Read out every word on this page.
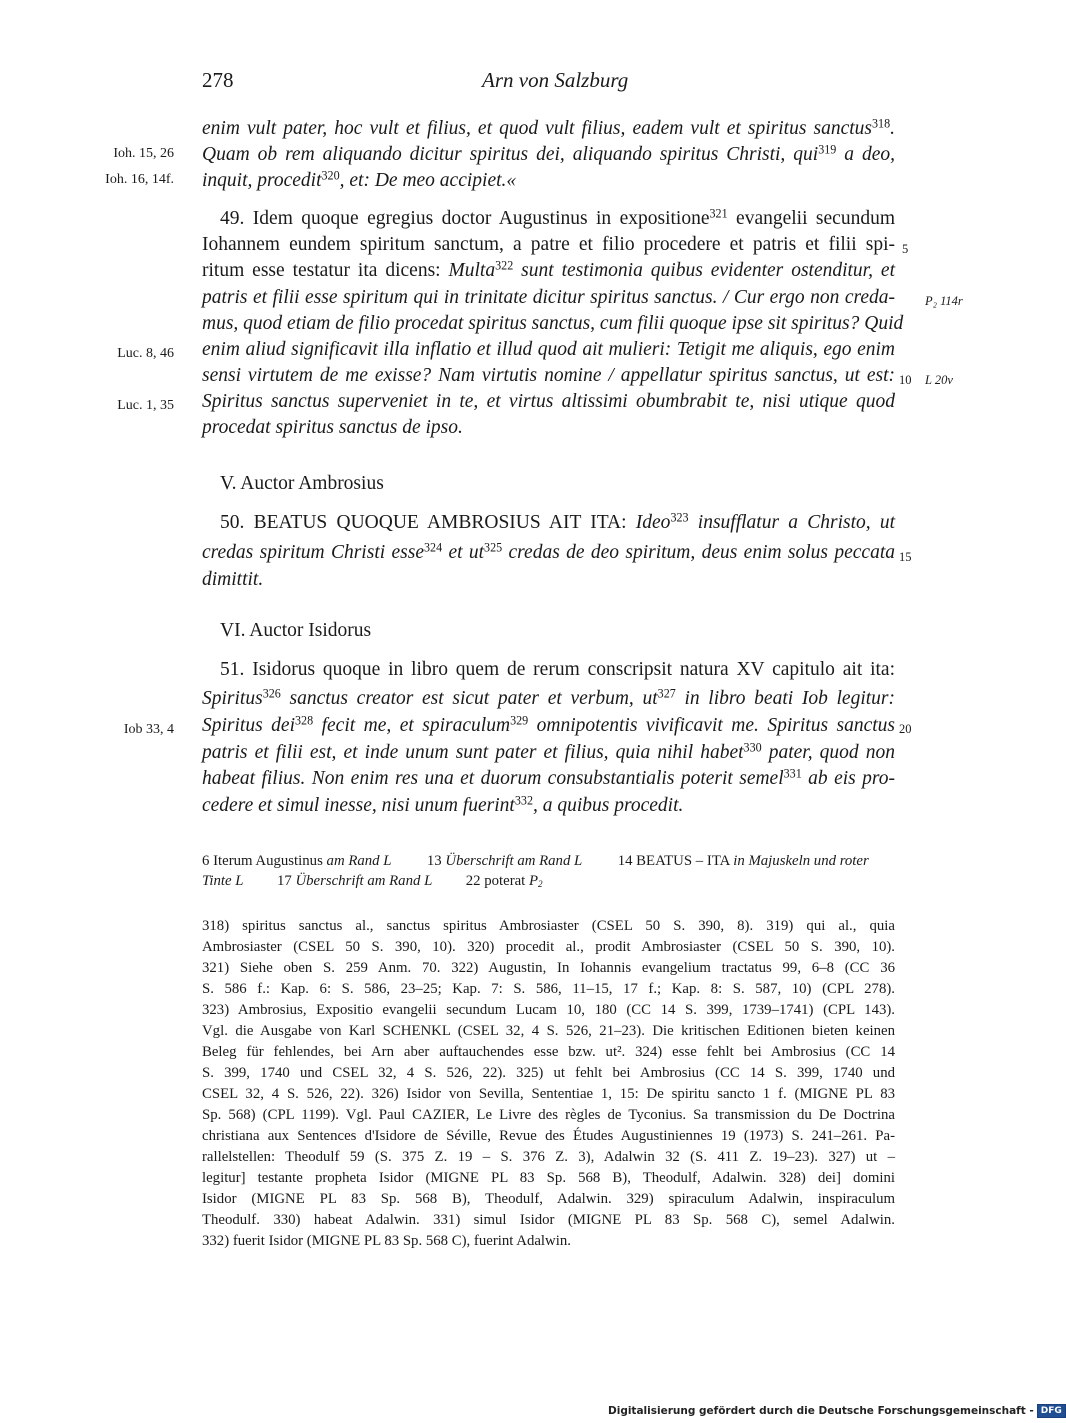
278	Arn von Salzburg
Ioh. 15, 26
Ioh. 16, 14f.
Luc. 8, 46
Luc. 1, 35
Iob 33, 4
5
P₂ 114r
10 L 20v
15
20
enim vult pater, hoc vult et filius, et quod vult filius, eadem vult et spiritus sanctus$^{318}$.
Quam ob rem aliquando dicitur spiritus dei, aliquando spiritus Christi, qui$^{319}$ a deo,
inquit, procedit$^{320}$, et: De meo accipiet.«
49. Idem quoque egregius doctor Augustinus in expositione$^{321}$ evangelii secundum
Iohannem eundem spiritum sanctum, a patre et filio procedere et patris et filii spi-
ritum esse testatur ita dicens: Multa$^{322}$ sunt testimonia quibus evidenter ostenditur, et
patris et filii esse spiritum qui in trinitate dicitur spiritus sanctus. / Cur ergo non creda-
mus, quod etiam de filio procedat spiritus sanctus, cum filii quoque ipse sit spiritus? Quid
enim aliud significavit illa inflatio et illud quod ait mulieri: Tetigit me aliquis, ego enim
sensi virtutem de me exisse? Nam virtutis nomine / appellatur spiritus sanctus, ut est:
Spiritus sanctus superveniet in te, et virtus altissimi obumbrabit te, nisi utique quod
procedat spiritus sanctus de ipso.
V. Auctor Ambrosius
50. BEATUS QUOQUE AMBROSIUS AIT ITA: Ideo$^{323}$ insufflatur a Christo, ut
credas spiritum Christi esse$^{324}$ et $ut^{325}$ credas de deo spiritum, deus enim solus peccata
dimittit.
VI. Auctor Isidorus
51. Isidorus quoque in libro quem de rerum conscripsit natura XV capitulo ait ita:
Spiritus$^{326}$ sanctus creator est sicut pater et verbum, $ut^{327}$ in libro beati Iob legitur:
Spiritus dei$^{328}$ fecit me, et spiraculum$^{329}$ omnipotentis vivificavit me. Spiritus sanctus
patris et filii est, et inde unum sunt pater et filius, quia nihil habet$^{330}$ pater, quod non
habeat filius. Non enim res una et duorum consubstantialis poterit semel$^{331}$ ab eis pro-
cedere et simul inesse, nisi unum fuerint$^{332}$, a quibus procedit.
6 Iterum Augustinus am Rand L 13 Überschrift am Rand L 14 BEATUS – ITA in Majuskeln und roter
Tinte L 17 Überschrift am Rand L 22 poterat $P_2$
318) spiritus sanctus al., sanctus spiritus Ambrosiaster (CSEL 50 S. 390, 8). 319) qui al., quia
Ambrosiaster (CSEL 50 S. 390, 10). 320) procedit al., prodit Ambrosiaster (CSEL 50 S. 390, 10).
321) Siehe oben S. 259 Anm. 70. 322) Augustin, In Iohannis evangelium tractatus 99, 6–8 (CC 36
S. 586 f.: Kap. 6: S. 586, 23–25; Kap. 7: S. 586, 11–15, 17 f.; Kap. 8: S. 587, 10) (CPL 278).
323) Ambrosius, Expositio evangelii secundum Lucam 10, 180 (CC 14 S. 399, 1739–1741) (CPL 143).
Vgl. die Ausgabe von Karl SCHENKL (CSEL 32, 4 S. 526, 21–23). Die kritischen Editionen bieten keinen
Beleg für fehlendes, bei Arn aber auftauchendes esse bzw. ut². 324) esse fehlt bei Ambrosius (CC 14
S. 399, 1740 und CSEL 32, 4 S. 526, 22). 325) ut fehlt bei Ambrosius (CC 14 S. 399, 1740 und
CSEL 32, 4 S. 526, 22). 326) Isidor von Sevilla, Sententiae 1, 15: De spiritu sancto 1 f. (MIGNE PL 83
Sp. 568) (CPL 1199). Vgl. Paul CAZIER, Le Livre des règles de Tyconius. Sa transmission du De Doctrina
christiana aux Sentences d'Isidore de Séville, Revue des Études Augustiniennes 19 (1973) S. 241–261. Pa-
rallelstellen: Theodulf 59 (S. 375 Z. 19 – S. 376 Z. 3), Adalwin 32 (S. 411 Z. 19–23). 327) ut –
legitur] testante propheta Isidor (MIGNE PL 83 Sp. 568 B), Theodulf, Adalwin. 328) dei] domini
Isidor (MIGNE PL 83 Sp. 568 B), Theodulf, Adalwin. 329) spiraculum Adalwin, inspiraculum
Theodulf. 330) habeat Adalwin. 331) simul Isidor (MIGNE PL 83 Sp. 568 C), semel Adalwin.
332) fuerit Isidor (MIGNE PL 83 Sp. 568 C), fuerint Adalwin.
Digitalisierung gefördert durch die Deutsche Forschungsgemeinschaft - DFG
